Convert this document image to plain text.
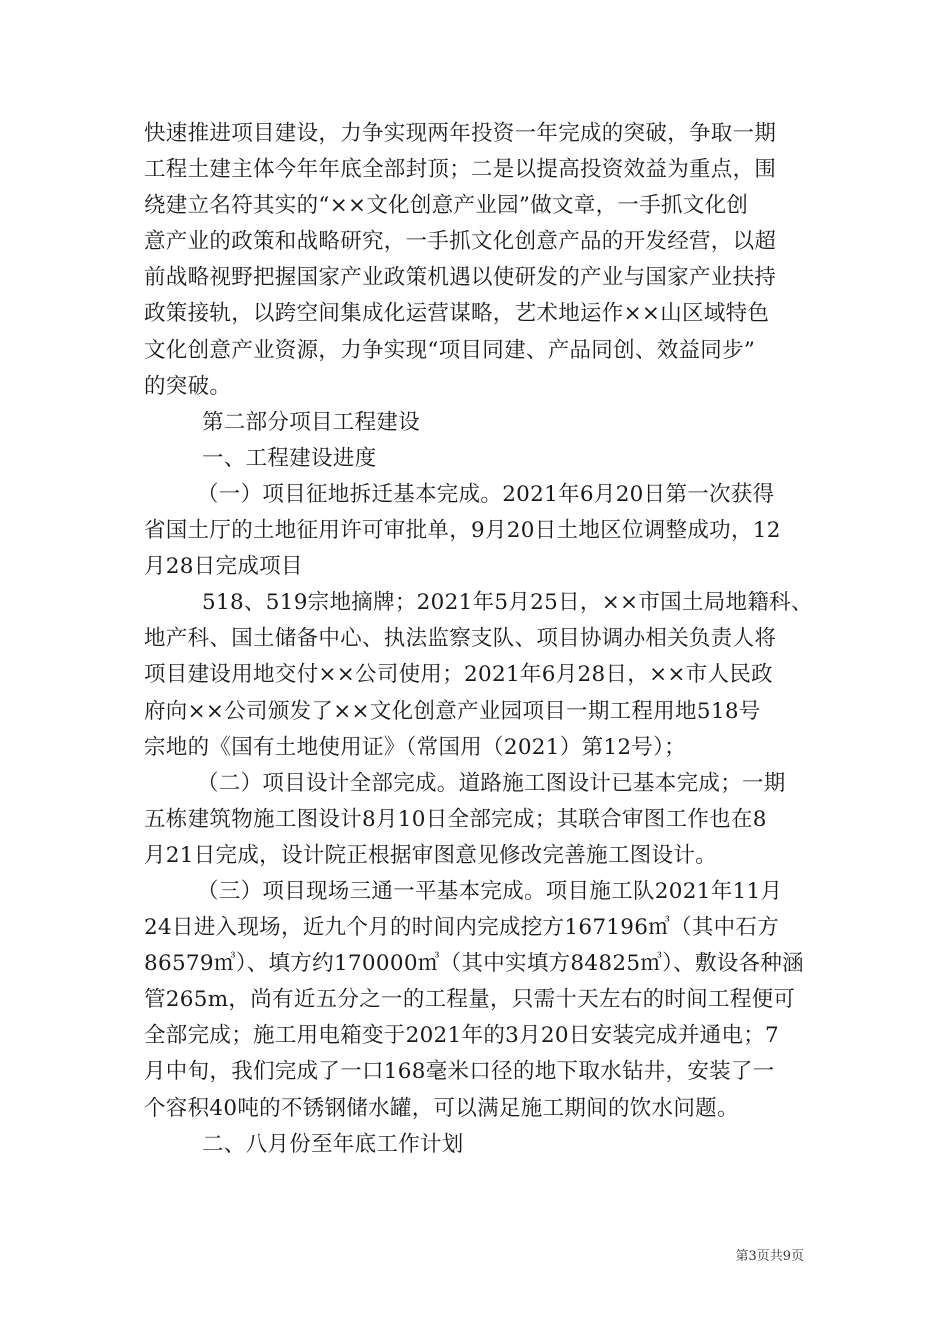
快速推进项目建设，力争实现两年投资一年完成的突破，争取一期
工程土建主体今年年底全部封顶；二是以提高投资效益为重点，围
绕建立名符其实的“××文化创意产业园”做文章，一手抓文化创
意产业的政策和战略研究，一手抓文化创意产品的开发经营，以超
前战略视野把握国家产业政策机遇以使研发的产业与国家产业扶持
政策接轨，以跨空间集成化运营谋略，艺术地运作××山区域特色
文化创意产业资源，力争实现“项目同建、产品同创、效益同步”
的突破。
第二部分项目工程建设
一、工程建设进度
（一）项目征地拆迁基本完成。2021年6月20日第一次获得
省国土厅的土地征用许可审批单，9月20日土地区位调整成功，12
月28日完成项目
518、519宗地摘牌；2021年5月25日，××市国土局地籍科、
地产科、国土储备中心、执法监察支队、项目协调办相关负责人将
项目建设用地交付××公司使用；2021年6月28日，××市人民政
府向××公司颁发了××文化创意产业园项目一期工程用地518号
宗地的《国有土地使用证》（常国用（2021）第12号）；
（二）项目设计全部完成。道路施工图设计已基本完成；一期
五栋建筑物施工图设计8月10日全部完成；其联合审图工作也在8
月21日完成，设计院正根据审图意见修改完善施工图设计。
（三）项目现场三通一平基本完成。项目施工队2021年11月
24日进入现场，近九个月的时间内完成挖方167196㎥（其中石方
86579㎥）、填方约170000㎥（其中实填方84825㎥）、敷设各种涵
管265m，尚有近五分之一的工程量，只需十天左右的时间工程便可
全部完成；施工用电箱变于2021年的3月20日安装完成并通电；7
月中旬，我们完成了一口168毫米口径的地下取水钻井，安装了一
个容积40吨的不锈钢储水罐，可以满足施工期间的饮水问题。
二、八月份至年底工作计划
第3页共9页
